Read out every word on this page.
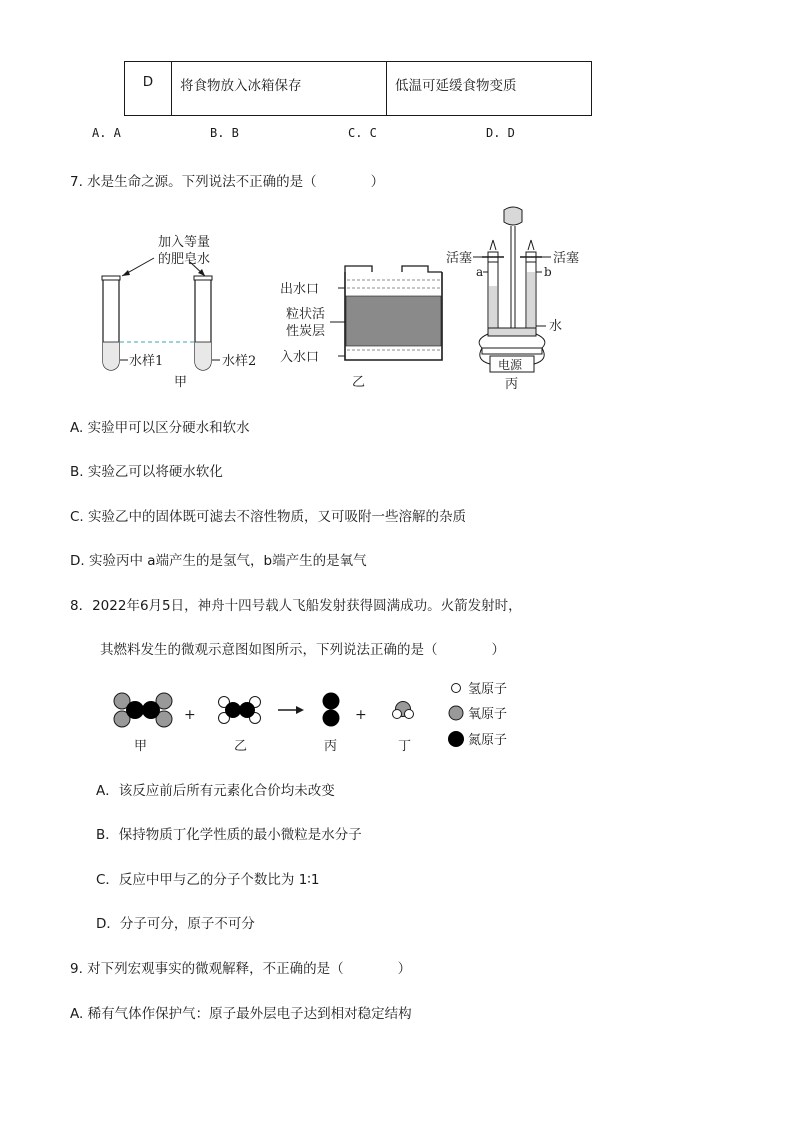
D	将食物放入冰箱保存	低温可延缓食物变质
A. A	B. B	C. C	D. D
7. 水是生命之源。下列说法不正确的是（　　　　）
加入等量
的肥皂水
水样1	水样2
甲
出水口
粒状活
性炭层
入水口
乙
电源
活塞	活塞
a	b
水
丙
A. 实验甲可以区分硬水和软水
B. 实验乙可以将硬水软化
C. 实验乙中的固体既可滤去不溶性物质，又可吸附一些溶解的杂质
D. 实验丙中 a端产生的是氢气，b端产生的是氧气
8．2022年6月5日，神舟十四号载人飞船发射获得圆满成功。火箭发射时，
其燃料发生的微观示意图如图所示，下列说法正确的是（　　　　）
+	+
甲	乙	丙	丁
氢原子
氧原子
氮原子
A．该反应前后所有元素化合价均未改变
B．保持物质丁化学性质的最小微粒是水分子
C．反应中甲与乙的分子个数比为 1∶1
D．分子可分，原子不可分
9. 对下列宏观事实的微观解释，不正确的是（　　　　）
A. 稀有气体作保护气：原子最外层电子达到相对稳定结构
